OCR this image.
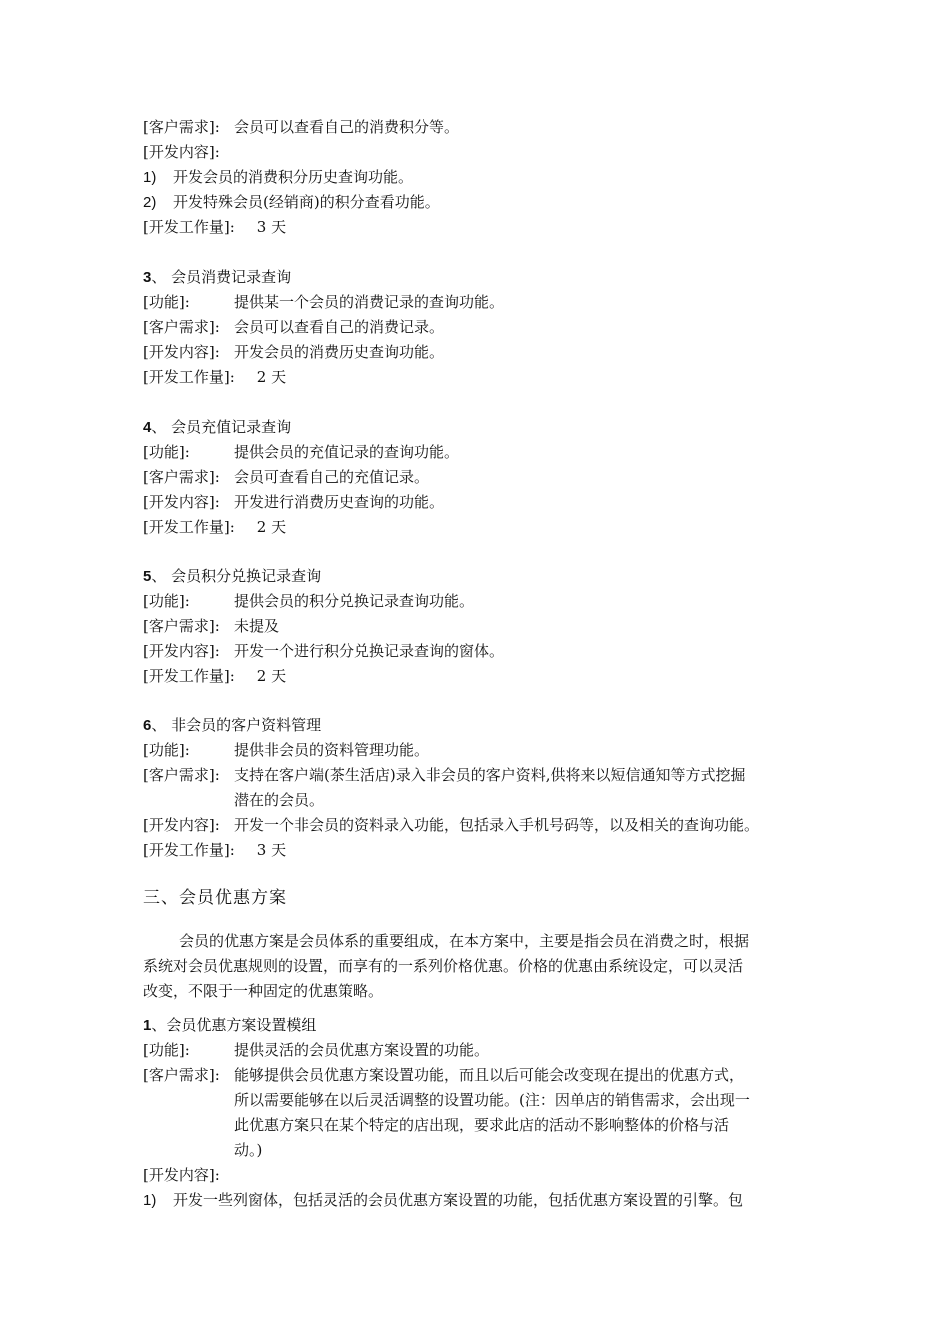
[客户需求]: 会员可以查看自己的消费积分等。
[开发内容]:
1) 开发会员的消费积分历史查询功能。
2) 开发特殊会员(经销商)的积分查看功能。
[开发工作量]: 3 天
3、 会员消费记录查询
[功能]:	提供某一个会员的消费记录的查询功能。
[客户需求]: 会员可以查看自己的消费记录。
[开发内容]: 开发会员的消费历史查询功能。
[开发工作量]: 2 天
4、 会员充值记录查询
[功能]:	提供会员的充值记录的查询功能。
[客户需求]: 会员可查看自己的充值记录。
[开发内容]: 开发进行消费历史查询的功能。
[开发工作量]: 2 天
5、 会员积分兑换记录查询
[功能]:	提供会员的积分兑换记录查询功能。
[客户需求]: 未提及
[开发内容]: 开发一个进行积分兑换记录查询的窗体。
[开发工作量]: 2 天
6、 非会员的客户资料管理
[功能]:	提供非会员的资料管理功能。
[客户需求]: 支持在客户端(茶生活店)录入非会员的客户资料,供将来以短信通知等方式挖掘
潜在的会员。
[开发内容]: 开发一个非会员的资料录入功能，包括录入手机号码等，以及相关的查询功能。
[开发工作量]: 3 天
三、会员优惠方案
会员的优惠方案是会员体系的重要组成，在本方案中，主要是指会员在消费之时，根据
系统对会员优惠规则的设置，而享有的一系列价格优惠。价格的优惠由系统设定，可以灵活
改变，不限于一种固定的优惠策略。
1、会员优惠方案设置模组
[功能]:	提供灵活的会员优惠方案设置的功能。
[客户需求]: 能够提供会员优惠方案设置功能，而且以后可能会改变现在提出的优惠方式，
所以需要能够在以后灵活调整的设置功能。(注：因单店的销售需求，会出现一
此优惠方案只在某个特定的店出现，要求此店的活动不影响整体的价格与活
动。)
[开发内容]:
1) 开发一些列窗体，包括灵活的会员优惠方案设置的功能，包括优惠方案设置的引擎。包
